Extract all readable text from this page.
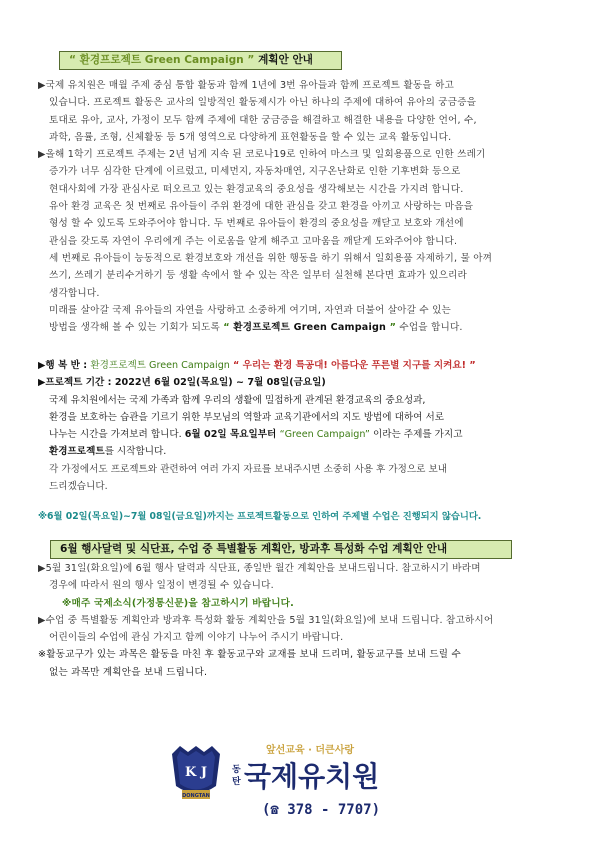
“ 환경프로젝트 Green Campaign ” 계획안 안내

▶국제 유치원은 매월 주제 중심 통합 활동과 함께 1년에 3번 유아들과 함께 프로젝트 활동을 하고

있습니다. 프로젝트 활동은 교사의 일방적인 활동제시가 아닌 하나의 주제에 대하여 유아의 궁금증을

토대로 유아, 교사, 가정이 모두 함께 주제에 대한 궁금증을 해결하고 해결한 내용을 다양한 언어, 수,

과학, 음률, 조형, 신체활동 등 5개 영역으로 다양하게 표현활동을 할 수 있는 교육 활동입니다.

▶올해 1학기 프로젝트 주제는 2년 넘게 지속 된 코로나19로 인하여 마스크 및 일회용품으로 인한 쓰레기

증가가 너무 심각한 단계에 이르렀고, 미세먼지, 자동차매연, 지구온난화로 인한 기후변화 등으로

현대사회에 가장 관심사로 떠오르고 있는 환경교육의 중요성을 생각해보는 시간을 가지려 합니다.

유아 환경 교육은 첫 번째로 유아들이 주위 환경에 대한 관심을 갖고 환경을 아끼고 사랑하는 마음을

형성 할 수 있도록 도와주어야 합니다. 두 번째로 유아들이 환경의 중요성을 깨닫고 보호와 개선에

관심을 갖도록 자연이 우리에게 주는 이로움을 알게 해주고 고마움을 깨닫게 도와주어야 합니다.

세 번째로 유아들이 능동적으로 환경보호와 개선을 위한 행동을 하기 위해서 일회용품 자제하기, 물 아껴

쓰기, 쓰레기 분리수거하기 등 생활 속에서 할 수 있는 작은 일부터 실천해 본다면 효과가 있으리라

생각합니다.

미래를 살아갈 국제 유아들의 자연을 사랑하고 소중하게 여기며, 자연과 더불어 살아갈 수 있는

방법을 생각해 볼 수 있는 기회가 되도록 “ 환경프로젝트 Green Campaign ” 수업을 합니다.

▶행 복 반 : 환경프로젝트 Green Campaign “ 우리는 환경 특공대! 아름다운 푸른별 지구를 지켜요! ”

▶프로젝트 기간 : 2022년 6월 02일(목요일) ~ 7월 08일(금요일)

국제 유치원에서는 국제 가족과 함께 우리의 생활에 밀접하게 관계된 환경교육의 중요성과,

환경을 보호하는 습관을 기르기 위한 부모님의 역할과 교육기관에서의 지도 방법에 대하여 서로

나누는 시간을 가져보려 합니다. 6월 02일 목요일부터 “Green Campaign” 이라는 주제를 가지고

환경프로젝트를 시작합니다.

각 가정에서도 프로젝트와 관련하여 여러 가지 자료를 보내주시면 소중히 사용 후 가정으로 보내

드리겠습니다.

※6월 02일(목요일)~7월 08일(금요일)까지는 프로젝트활동으로 인하여 주제별 수업은 진행되지 않습니다.
6월 행사달력 및 식단표, 수업 중 특별활동 계획안, 방과후 특성화 수업 계획안 안내

▶5월 31일(화요일)에 6월 행사 달력과 식단표, 종일반 월간 계획안을 보내드립니다. 참고하시기 바라며

경우에 따라서 원의 행사 일정이 변경될 수 있습니다.

※매주 국제소식(가정통신문)을 참고하시기 바랍니다.

▶수업 중 특별활동 계획안과 방과후 특성화 활동 계획안을 5월 31일(화요일)에 보내 드립니다. 참고하시어

어린이들의 수업에 관심 가지고 함께 이야기 나누어 주시기 바랍니다.

※활동교구가 있는 과목은 활동을 마친 후 활동교구와 교재를 보내 드리며, 활동교구를 보내 드릴 수

없는 과목만 계획안을 보내 드립니다.

K J
DONGTAN
앞선교육 · 더큰사랑
동
탄 국제유치원
(☎ 378 - 7707)
